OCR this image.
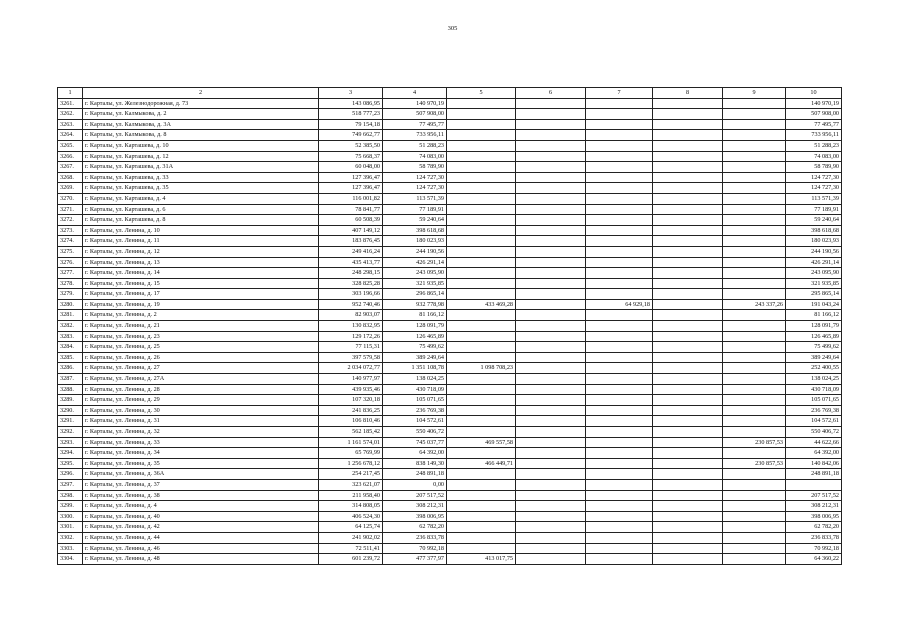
305
1	2	3	4	5	6	7	8	9	10
3261.	г. Карталы, ул. Железнодорожная, д. 73	143 086,95	140 970,19						140 970,19
3262.	г. Карталы, ул. Калмыкова, д. 2	518 777,23	507 908,00						507 908,00
3263.	г. Карталы, ул. Калмыкова, д. 3А	79 154,18	77 495,77						77 495,77
3264.	г. Карталы, ул. Калмыкова, д. 8	749 662,77	733 956,11						733 956,11
3265.	г. Карталы, ул. Карташева, д. 10	52 385,50	51 288,23						51 288,23
3266.	г. Карталы, ул. Карташева, д. 12	75 668,37	74 083,00						74 083,00
3267.	г. Карталы, ул. Карташева, д. 31А	60 048,00	58 789,90						58 789,90
3268.	г. Карталы, ул. Карташева, д. 33	127 396,47	124 727,30						124 727,30
3269.	г. Карталы, ул. Карташева, д. 35	127 396,47	124 727,30						124 727,30
3270.	г. Карталы, ул. Карташева, д. 4	116 001,82	113 571,39						113 571,39
3271.	г. Карталы, ул. Карташева, д. 6	78 841,77	77 189,91						77 189,91
3272.	г. Карталы, ул. Карташева, д. 8	60 508,39	59 240,64						59 240,64
3273.	г. Карталы, ул. Ленина, д. 10	407 149,12	398 618,68						398 618,68
3274.	г. Карталы, ул. Ленина, д. 11	183 876,45	180 023,93						180 023,93
3275.	г. Карталы, ул. Ленина, д. 12	249 416,24	244 190,56						244 190,56
3276.	г. Карталы, ул. Ленина, д. 13	435 413,77	426 291,14						426 291,14
3277.	г. Карталы, ул. Ленина, д. 14	248 298,15	243 095,90						243 095,90
3278.	г. Карталы, ул. Ленина, д. 15	328 825,28	321 935,85						321 935,85
3279.	г. Карталы, ул. Ленина, д. 17	303 196,66	296 865,14						295 865,14
3280.	г. Карталы, ул. Ленина, д. 19	952 740,46	932 778,98	433 469,28		64 929,18		243 337,26	191 043,24
3281.	г. Карталы, ул. Ленина, д. 2	82 903,07	81 166,12						81 166,12
3282.	г. Карталы, ул. Ленина, д. 21	130 832,95	128 091,79						128 091,79
3283.	г. Карталы, ул. Ленина, д. 23	129 172,26	126 465,89						126 465,89
3284.	г. Карталы, ул. Ленина, д. 25	77 115,31	75 499,62						75 499,62
3285.	г. Карталы, ул. Ленина, д. 26	397 579,58	389 249,64						389 249,64
3286.	г. Карталы, ул. Ленина, д. 27	2 034 072,77	1 351 108,78	1 098 708,23					252 400,55
3287.	г. Карталы, ул. Ленина, д. 27А	140 977,97	138 024,25						138 024,25
3288.	г. Карталы, ул. Ленина, д. 28	439 935,46	430 718,09						430 718,09
3289.	г. Карталы, ул. Ленина, д. 29	107 320,18	105 071,65						105 071,65
3290.	г. Карталы, ул. Ленина, д. 30	241 836,25	236 769,38						236 769,38
3291.	г. Карталы, ул. Ленина, д. 31	106 810,46	104 572,61						104 572,61
3292.	г. Карталы, ул. Ленина, д. 32	562 185,42	550 406,72						550 406,72
3293.	г. Карталы, ул. Ленина, д. 33	1 161 574,01	745 037,77	469 557,58				230 857,53	44 622,66
3294.	г. Карталы, ул. Ленина, д. 34	65 769,99	64 392,00						64 392,00
3295.	г. Карталы, ул. Ленина, д. 35	1 256 678,12	838 149,30	466 449,71				230 857,53	140 842,06
3296.	г. Карталы, ул. Ленина, д. 36А	254 217,45	248 891,18						248 891,18
3297.	г. Карталы, ул. Ленина, д. 37	323 621,07	0,00						
3298.	г. Карталы, ул. Ленина, д. 38	211 958,40	207 517,52						207 517,52
3299.	г. Карталы, ул. Ленина, д. 4	314 808,05	308 212,31						308 212,31
3300.	г. Карталы, ул. Ленина, д. 40	406 524,30	398 006,95						398 006,95
3301.	г. Карталы, ул. Ленина, д. 42	64 125,74	62 782,20						62 782,20
3302.	г. Карталы, ул. Ленина, д. 44	241 902,02	236 833,78						236 833,78
3303.	г. Карталы, ул. Ленина, д. 46	72 511,41	70 992,18						70 992,18
3304.	г. Карталы, ул. Ленина, д. 48	601 239,72	477 377,97	413 017,75					64 360,22
